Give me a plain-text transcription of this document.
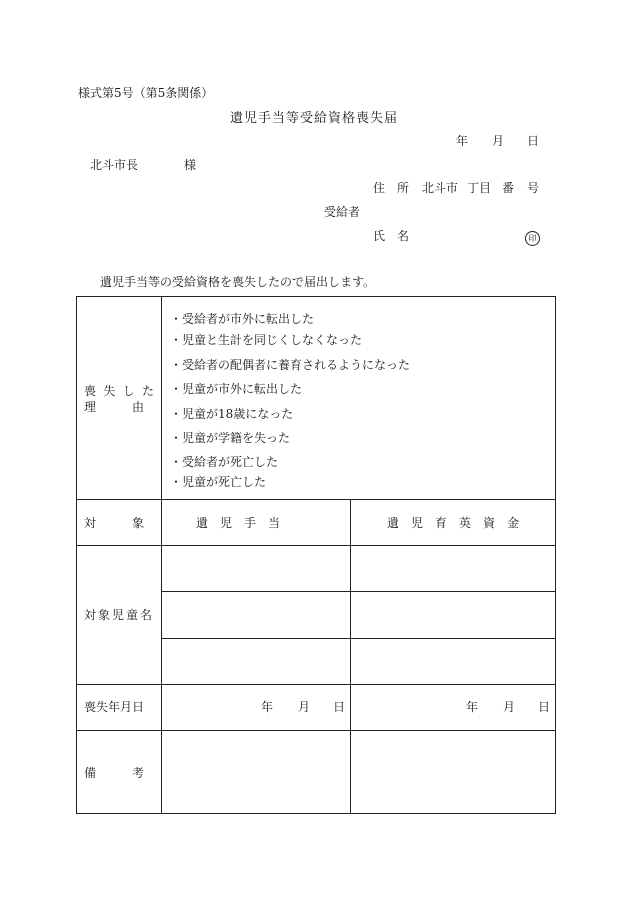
様式第5号（第5条関係）
遺児手当等受給資格喪失届
年 月 日
北斗市長	様
住　所 北斗市 丁目 番 号
受給者
氏　名	印
遺児手当等の受給資格を喪失したので届出します。
喪 失 し た
理　　　由
・受給者が市外に転出した
・児童と生計を同じくしなくなった
・受給者の配偶者に養育されるようになった
・児童が市外に転出した
・児童が18歳になった
・児童が学籍を失った
・受給者が死亡した
・児童が死亡した
対　　　象	遺　児　手　当	遺　児　育　英　資　金
対象児童名
喪失年月日	年 月 日	年 月 日
備　　　考
